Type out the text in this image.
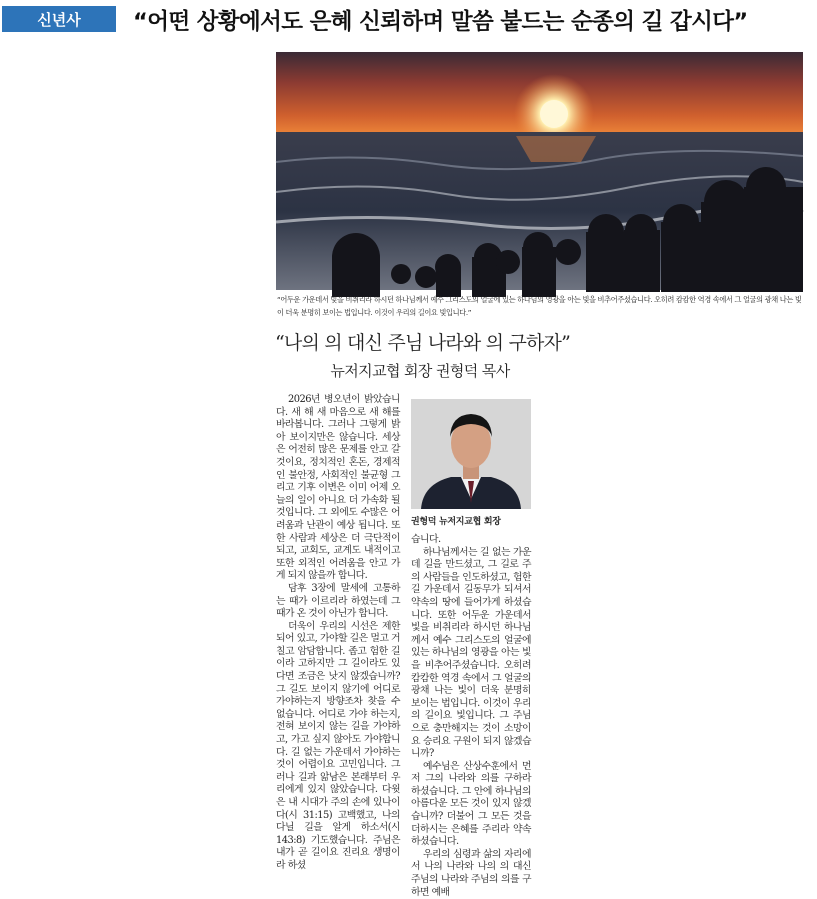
신년사	“어떤 상황에서도 은혜 신뢰하며 말씀 붙드는 순종의 길 갑시다”
“어두운 가운데서 빛을 비취리라 하시던 하나님께서 예수 그리스도의 얼굴에 있는 하나님의 영광을 아는 빛을 비추어주셨습니다. 오히려 캄캄한 역경 속에서 그 얼굴의 광채 나는 빛이 더욱 분명히 보이는 법입니다. 이것이 우리의 길이요 빛입니다.”
“나의 의 대신 주님 나라와 의 구하자”
뉴저지교협 회장 권형덕 목사

2026년 병오년이 밝았습니다. 새 해 새 마음으로 새 해를 바라봅니다. 그러나 그렇게 밝아 보이지만은 않습니다. 세상은 어전히 많은 문제를 안고 갈 것이요, 정치적인 혼돈, 경제적인 불안정, 사회적인 불균형 그리고 기후 이변은 이미 어제 오늘의 일이 아니요 더 가속화 될 것입니다. 그 외에도 수많은 어려움과 난관이 예상 됩니다. 또한 사람과 세상은 더 극단적이 되고, 교회도, 교계도 내적이고 또한 외적인 어려움을 안고 가게 되지 않을까 합니다.

담후 3장에 말세에 고통하는 때가 이르리라 하였는데 그 때가 온 것이 아닌가 합니다.

더욱이 우리의 시선은 제한되어 있고, 가야할 길은 멀고 거칠고 암담합니다. 좁고 험한 길이라 고하지만 그 길이라도 있다면 조금은 낫지 않겠습니까? 그 길도 보이지 않기에 어디로 가야하는지 방향조차 찾을 수 없습니다. 어디로 가야 하는지, 전혀 보이지 않는 길을 가야하고, 가고 싶지 않아도 가야합니다. 길 없는 가운데서 가야하는 것이 어렵이요 고민입니다. 그러나 길과 앎남은 본래부터 우리에게 있지 않았습니다. 다윗은 내 시대가 주의 손에 있나이다(시 31:15) 고백했고, 나의 다닐 길을 알게 하소서(시 143:8) 기도했습니다. 주님은 내가 곧 길이요 진리요 생명이라 하셨

권형덕 뉴저지교협 회장

습니다.

하나님께서는 길 없는 가운데 길을 만드셨고, 그 길로 주의 사람들을 인도하셨고, 험한 길 가운데서 길동무가 되셔서 약속의 땅에 들어가게 하셨습니다. 또한 어두운 가운데서 빛을 비취리라 하시던 하나님께서 예수 그리스도의 얼굴에 있는 하나님의 영광을 아는 빛을 비추어주셨습니다. 오히려 캄캄한 역경 속에서 그 얼굴의 광채 나는 빛이 더욱 분명히 보이는 법입니다. 이것이 우리의 길이요 빛입니다. 그 주님으로 충만해지는 것이 소망이요 승리요 구원이 되지 않겠습니까?

예수님은 산상수훈에서 먼저 그의 나라와 의를 구하라 하셨습니다. 그 안에 하나님의 아름다운 모든 것이 있지 않겠습니까? 더불어 그 모든 것을 더하시는 은혜를 주리라 약속하셨습니다.

우리의 심령과 삶의 자리에서 나의 나라와 나의 의 대신 주님의 나라와 주님의 의를 구하면 예배
